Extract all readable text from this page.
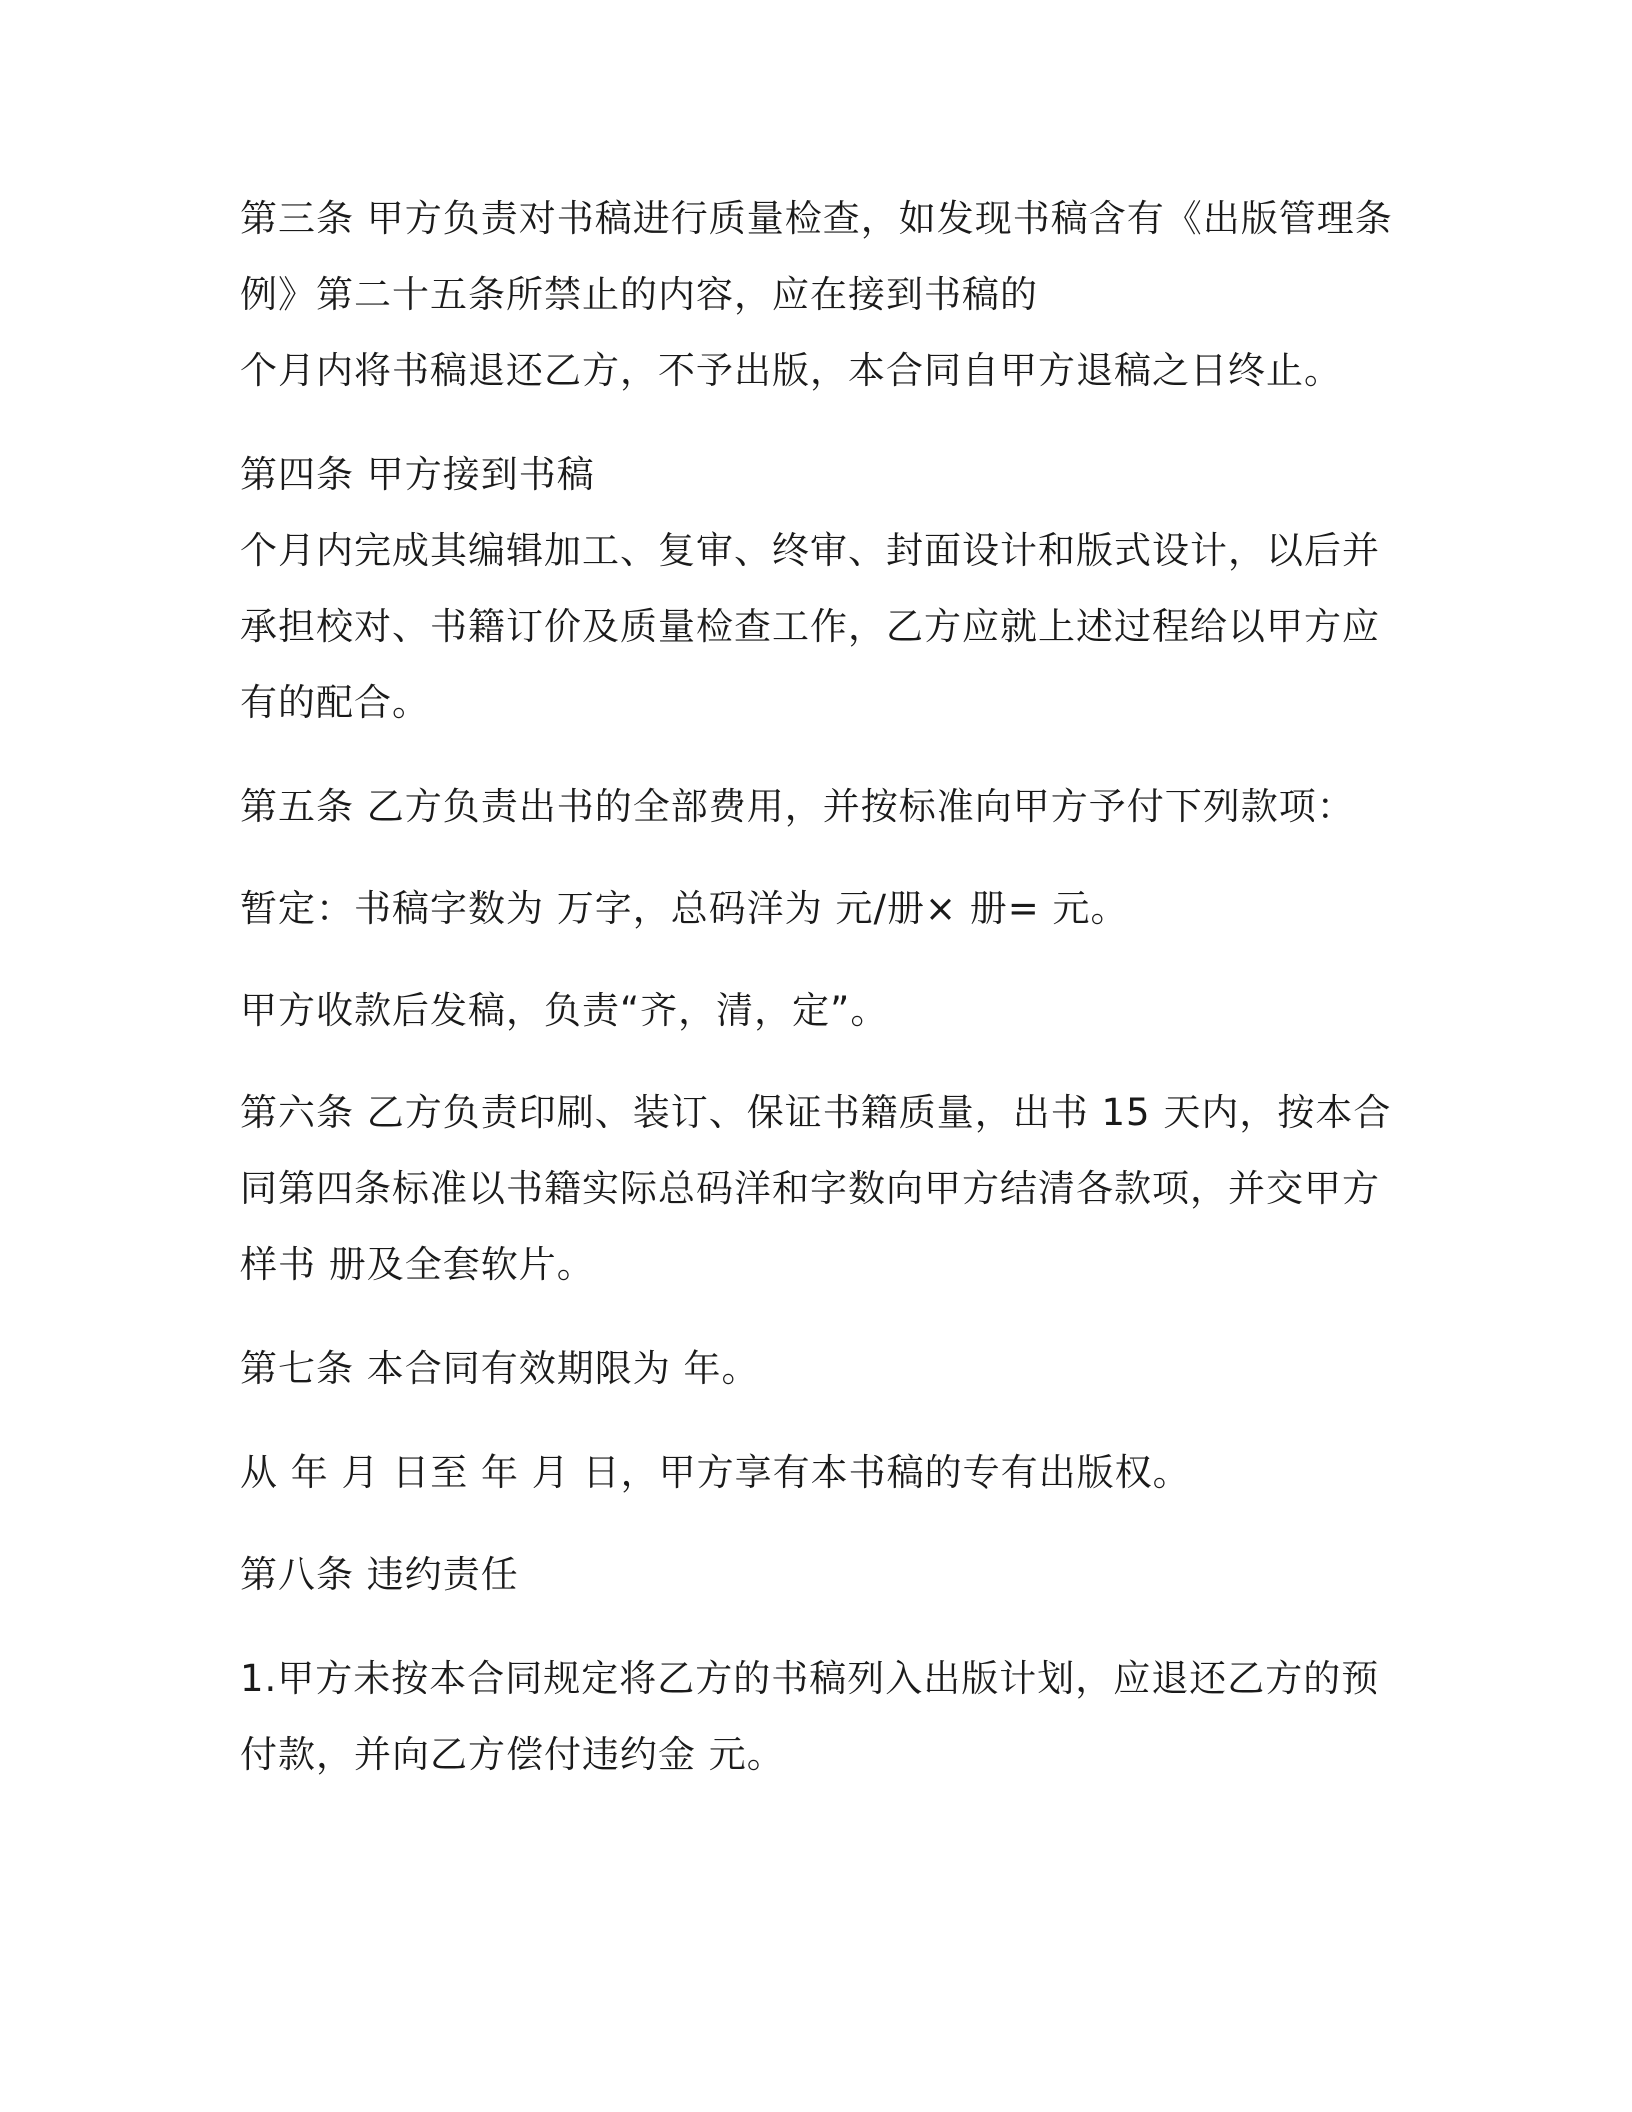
第三条 甲方负责对书稿进行质量检查，如发现书稿含有《出版管理条

例》第二十五条所禁止的内容，应在接到书稿的

个月内将书稿退还乙方，不予出版，本合同自甲方退稿之日终止。

第四条 甲方接到书稿

个月内完成其编辑加工、复审、终审、封面设计和版式设计，以后并

承担校对、书籍订价及质量检查工作，乙方应就上述过程给以甲方应

有的配合。

第五条 乙方负责出书的全部费用，并按标准向甲方予付下列款项：

暂定：书稿字数为 万字，总码洋为 元/册× 册= 元。

甲方收款后发稿，负责“齐，清，定”。

第六条 乙方负责印刷、装订、保证书籍质量，出书 15 天内，按本合

同第四条标准以书籍实际总码洋和字数向甲方结清各款项，并交甲方

样书 册及全套软片。

第七条 本合同有效期限为 年。

从 年 月 日至 年 月 日，甲方享有本书稿的专有出版权。

第八条 违约责任

1.甲方未按本合同规定将乙方的书稿列入出版计划，应退还乙方的预

付款，并向乙方偿付违约金 元。
